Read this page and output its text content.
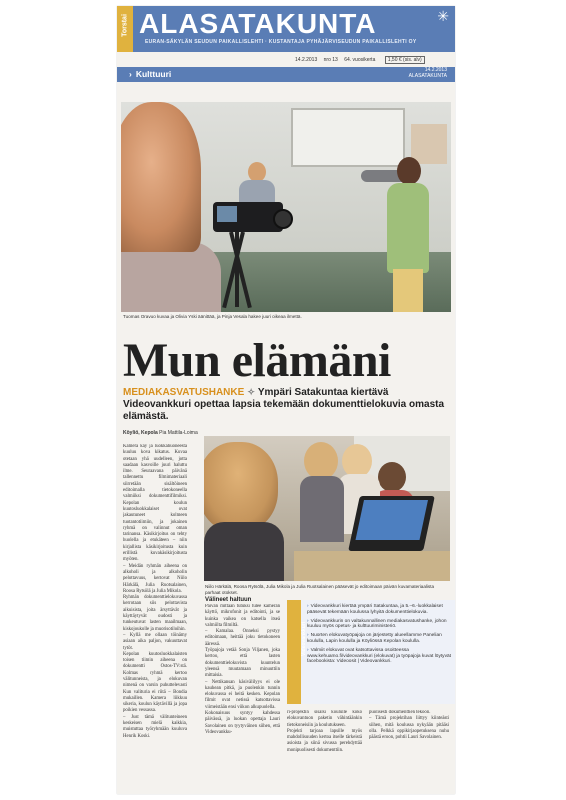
Torstai ALASATAKUNTA	✳
EURAN-SÄKYLÄN SEUDUN PAIKALLISLEHTI · KUSTANTAJA PYHÄJÄRVISEUDUN PAIKALLISLEHTI OY
14.2.2013 nro 13 64. vuosikerta 1,50 € (sis. alv)
› Kulttuuri	14.2.2013
ALASATAKUNTA
Tuomas Oravuo kuvaa ja Olivia Yski äänittää, ja Pinja Vesala hakee juuri oikeaa ilmettä.
Mun elämäni
MEDIAKASVATUSHANKE ✧ Ympäri Satakuntaa kiertävä Videovankkuri opettaa lapsia tekemään dokumenttielokuvia omasta elämästä.
Köyliö, Kepola Pia Mattila-Loima

Kamera käy ja luokkahuoneesta kuuluu kova kikatus. Kuvaa otetaan yhä uudelleen, jotta saadaan kasvoille juuri haluttu ilme. Seuraavana päivänä tallennettu filmimateriaali siirretään sisältöineen editoimalla tietokoneella valmiiksi dokumenttifilmiksi. Kepolan koulun kuutosluokkalaiset ovat jakautuneet kolmeen tuotantotiimiin, ja jokainen ryhmä on valinnut oman tarinansa. Käsikirjoitus on tehty huolella ja etukäteen – niin kirjallista käsikirjoitusta kuin erillistä kuvakäsikirjoitusta myöten.

– Meidän ryhmän aiheena on alkoholi ja alkoholin pelottavuus, kertovat Niilo Härkälä, Julia Ruotsalainen, Roosa Rytsölä ja Julia Mikola.

Ryhmän dokumenttielokuvassa kerrotaan siis pelottavista aikuisista, joita ärsyttävät ja käyttäytyvät oudosti ja tunkeutuvat lasten maailmaan, kiskojoukolle ja muorisotiloihin.

– Kyllä me ollaan töinämy asiaan aika paljon, vakuuttavat tytöt.

Kepolan kuutosluokkalaisten toisen tiimin aiheena on dokumentti Ostos-TV:stä. Kolmas ryhmä kertoo välitunneista, ja elokuvan nimenä on varsin puhuttelevasti Kun valituria ei riitä – Bondia mukaillen. Kamera liikkuu sikeria, koulun käytävillä ja jopa poikien vessassa.

– Just tämä välitunteineen keskeisen mielä kaikkia, muistuttaa työryhmään kuuluva Henrik Koski.

Niilo Härkälä, Roosa Rytsölä, Julia Mikola ja Julia Ruotsalainen pääsevät jo editoimaan päivän kuvamateriaalista parhaat otokset.
Välineet haltuun

Päivän mittaan tutuksi tulee kameran käyttö, mikrofonit ja editointi, ja se kuinka vaikea on katsella itseä valmiilta filmiltä.

– Kamalaa. Onneksi pystyy editoimaan, heittää joku tietokoneen ääressä.

Työpajoja vetää Sonja Viljanen, joka kertoo, että lasten dokumenttielokuvista kuuntelun yleensä muutamaan minuuttiin mittaisia.

– Nettikansan käsivälilyys ei ole kauhean pitkä, ja puolenkin tunnin elokuvassa ei heitä kesken. Kepolan filmit ovat netissä katsottavissa viimeistään ensi viikon alkupuolella.

Kokonaisuus syntyy kahdessa päivässä, ja luokan opettaja Lauri Savolainen on tyytyväinen siihen, että Videovankku-

Videovankkuri
› Videovankkuri kiertää ympäri Satakuntaa, ja 5.–6.-luokkalaiset pääsevät tekemään koulussa lyhyitä dokumenttielokuvia.
› Videovankkurin on valtakunnallinen mediakasvatushanke, johon kuuluu myös opetus- ja kulttuuriministeriö.
› Nuorten elokuvatyöpajoja on järjestetty alueellamme Panelian koululla, Lapin koululla ja Köyliössä Kepolan koululla.
› Valmiit elokuvat ovat katsottavissa osoitteessa www.kehuamo.fi/videovankkuri (elokuvat) ja työpajoja kuvat löytyvät facebookista: Videoosit | Videovankkuri.

ri-projektin sisälsi koululle koko elokuvantuon paketin vähintäänkin tietokoneisiin ja koulutukseen.

Projekti tarjoaa lapsille myös mahdollisuuden kertoa itselle tärkeistä asioista ja siinä sivussa perehdyttää monipuolisesti dokumenttiin.

puolisesti dokumenttien tekoon.

– Tämä projektihan liittyy kiinteästi siihen, mitä koulussa nykyään pitääsi olla. Pelkkä oppikirjaopetuksena nuhu päästä eroon, pohtii Lauri Savolainen.
